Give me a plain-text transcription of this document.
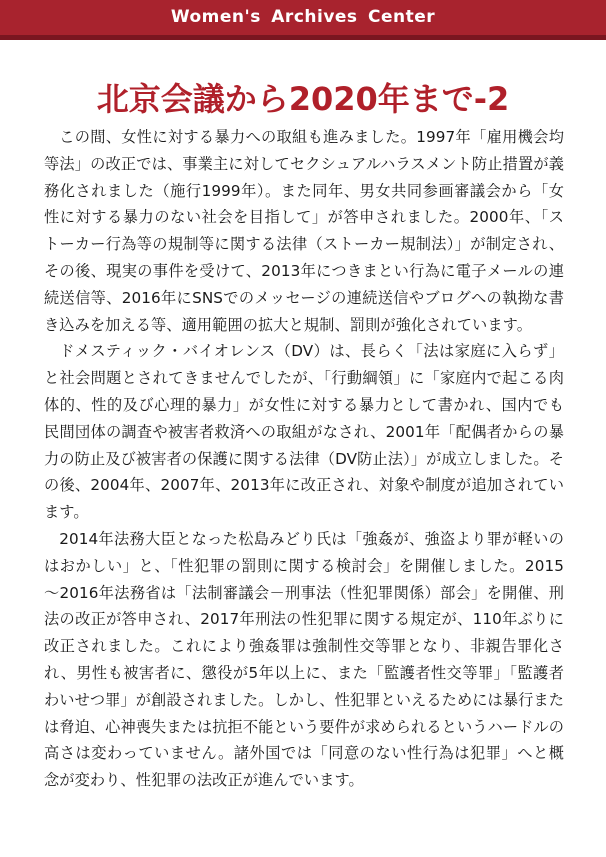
Women's Archives Center
北京会議から2020年まで-2

この間、女性に対する暴力への取組も進みました。1997年「雇用機会均等法」の改正では、事業主に対してセクシュアルハラスメント防止措置が義務化されました（施行1999年）。また同年、男女共同参画審議会から「女性に対する暴力のない社会を目指して」が答申されました。2000年、「ストーカー行為等の規制等に関する法律（ストーカー規制法）」が制定され、その後、現実の事件を受けて、2013年につきまとい行為に電子メールの連続送信等、2016年にSNSでのメッセージの連続送信やブログへの執拗な書き込みを加える等、適用範囲の拡大と規制、罰則が強化されています。

ドメスティック・バイオレンス（DV）は、長らく「法は家庭に入らず」と社会問題とされてきませんでしたが、「行動綱領」に「家庭内で起こる肉体的、性的及び心理的暴力」が女性に対する暴力として書かれ、国内でも民間団体の調査や被害者救済への取組がなされ、2001年「配偶者からの暴力の防止及び被害者の保護に関する法律（DV防止法）」が成立しました。その後、2004年、2007年、2013年に改正され、対象や制度が追加されています。

2014年法務大臣となった松島みどり氏は「強姦が、強盗より罪が軽いのはおかしい」と、「性犯罪の罰則に関する検討会」を開催しました。2015～2016年法務省は「法制審議会－刑事法（性犯罪関係）部会」を開催、刑法の改正が答申され、2017年刑法の性犯罪に関する規定が、110年ぶりに改正されました。これにより強姦罪は強制性交等罪となり、非親告罪化され、男性も被害者に、懲役が5年以上に、また「監護者性交等罪」「監護者わいせつ罪」が創設されました。しかし、性犯罪といえるためには暴行または脅迫、心神喪失または抗拒不能という要件が求められるというハードルの高さは変わっていません。諸外国では「同意のない性行為は犯罪」へと概念が変わり、性犯罪の法改正が進んでいます。
